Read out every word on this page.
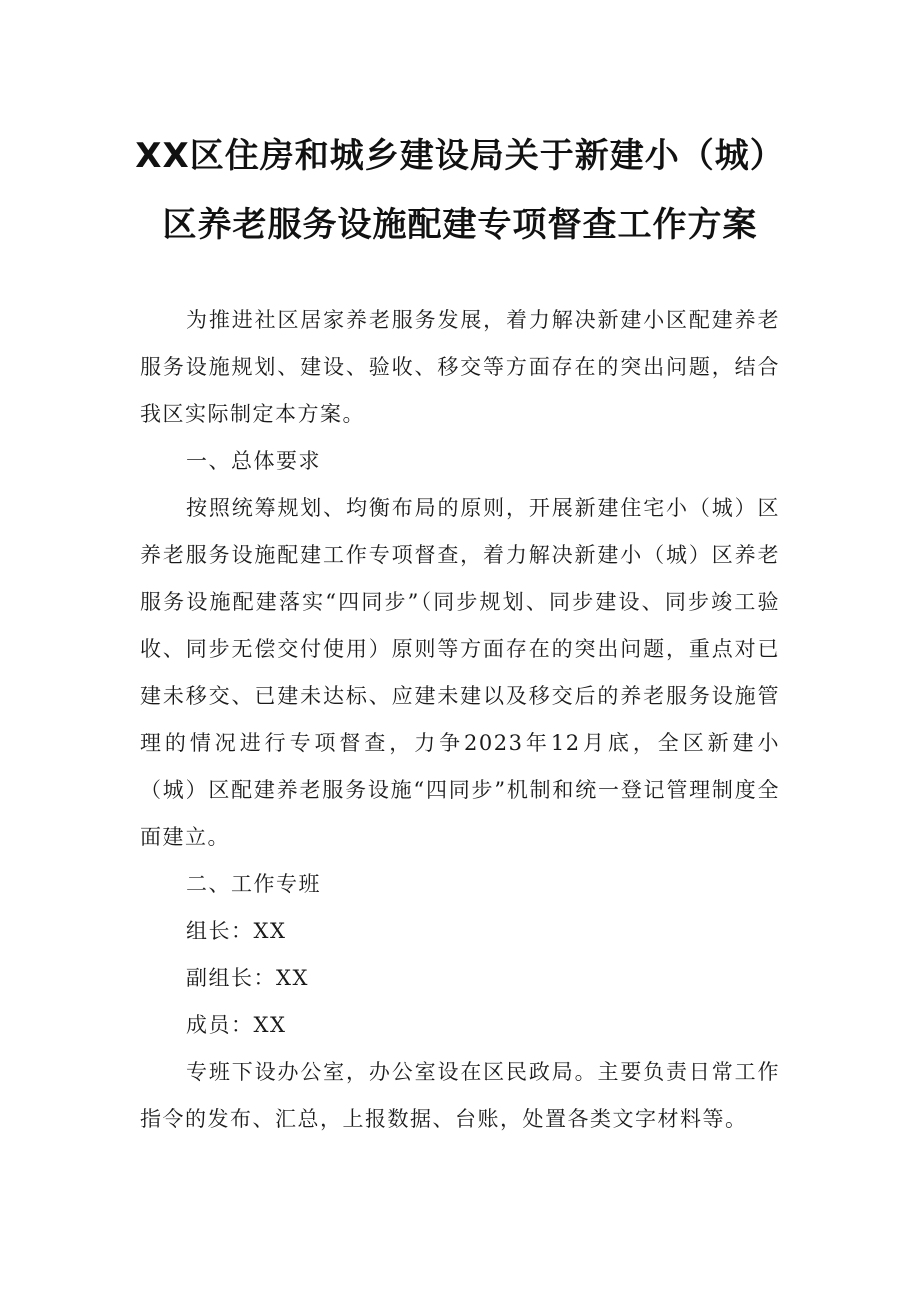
XX区住房和城乡建设局关于新建小（城）
区养老服务设施配建专项督查工作方案

为推进社区居家养老服务发展，着力解决新建小区配建养老服务设施规划、建设、验收、移交等方面存在的突出问题，结合我区实际制定本方案。

一、总体要求

按照统筹规划、均衡布局的原则，开展新建住宅小（城）区养老服务设施配建工作专项督查，着力解决新建小（城）区养老服务设施配建落实“四同步”（同步规划、同步建设、同步竣工验收、同步无偿交付使用）原则等方面存在的突出问题，重点对已建未移交、已建未达标、应建未建以及移交后的养老服务设施管理的情况进行专项督查，力争2023年12月底，全区新建小（城）区配建养老服务设施“四同步”机制和统一登记管理制度全面建立。

二、工作专班

组长：XX

副组长：XX

成员：XX

专班下设办公室，办公室设在区民政局。主要负责日常工作指令的发布、汇总，上报数据、台账，处置各类文字材料等。
